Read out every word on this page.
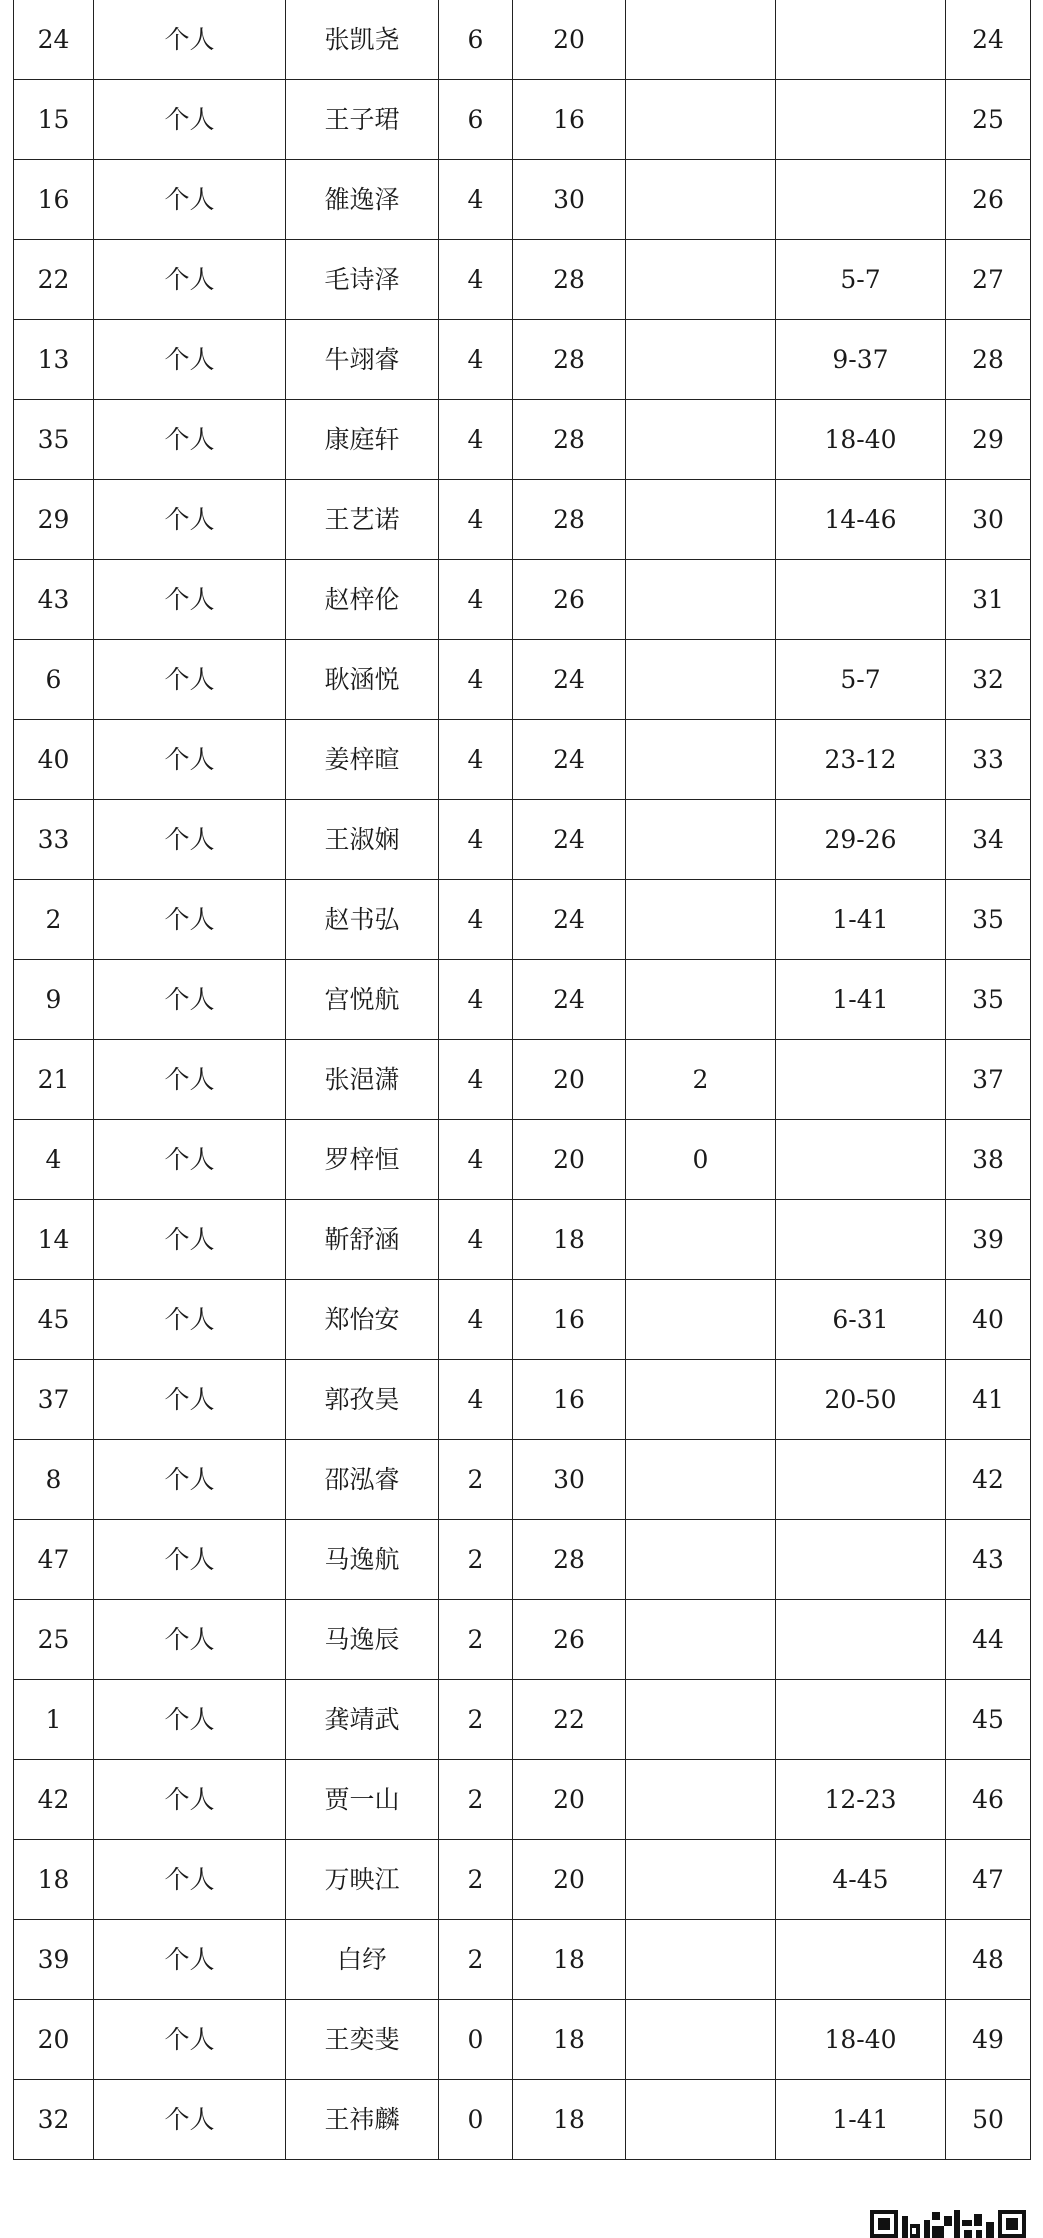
24	个人	张凯尧	6	20			24
15	个人	王子珺	6	16			25
16	个人	雒逸泽	4	30			26
22	个人	毛诗泽	4	28		5-7	27
13	个人	牛翊睿	4	28		9-37	28
35	个人	康庭轩	4	28		18-40	29
29	个人	王艺诺	4	28		14-46	30
43	个人	赵梓伦	4	26			31
6	个人	耿涵悦	4	24		5-7	32
40	个人	姜梓暄	4	24		23-12	33
33	个人	王淑娴	4	24		29-26	34
2	个人	赵书弘	4	24		1-41	35
9	个人	宫悦航	4	24		1-41	35
21	个人	张浥潇	4	20	2		37
4	个人	罗梓恒	4	20	0		38
14	个人	靳舒涵	4	18			39
45	个人	郑怡安	4	16		6-31	40
37	个人	郭孜昊	4	16		20-50	41
8	个人	邵泓睿	2	30			42
47	个人	马逸航	2	28			43
25	个人	马逸辰	2	26			44
1	个人	龚靖武	2	22			45
42	个人	贾一山	2	20		12-23	46
18	个人	万映江	2	20		4-45	47
39	个人	白纾	2	18			48
20	个人	王奕斐	0	18		18-40	49
32	个人	王祎麟	0	18		1-41	50
